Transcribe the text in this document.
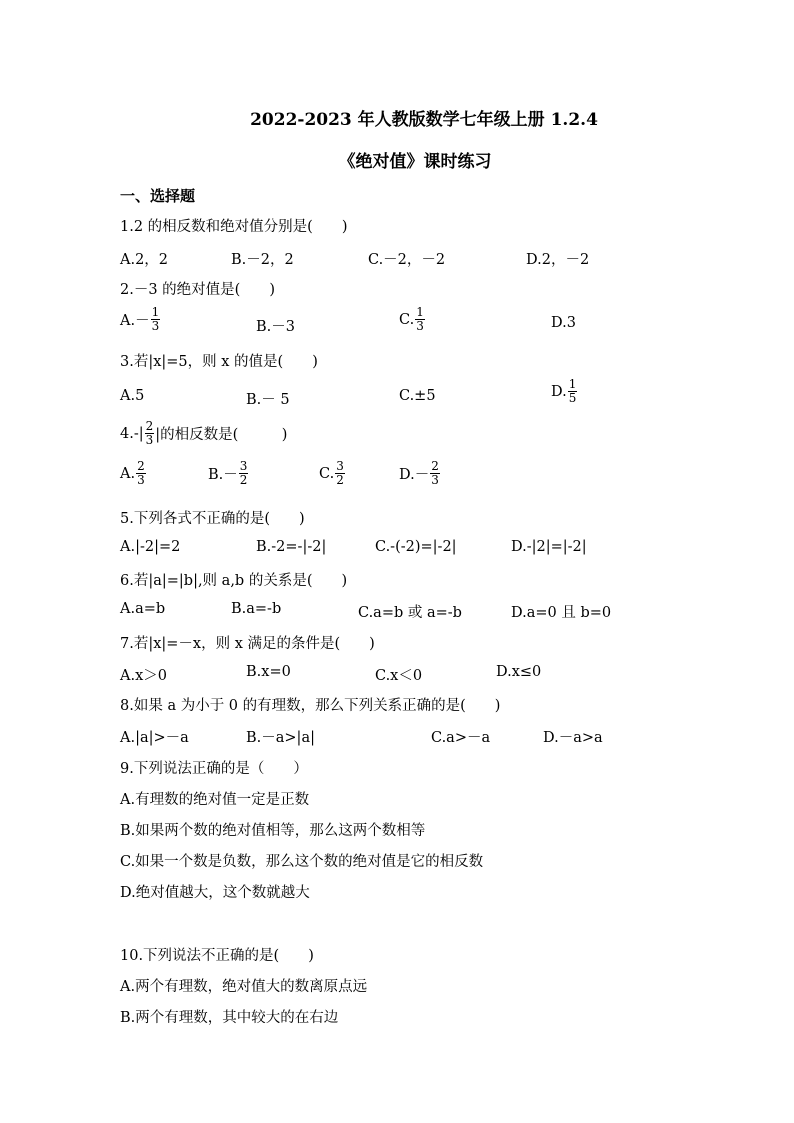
2022-2023 年人教版数学七年级上册 1.2.4
《绝对值》课时练习
一、选择题
1.2 的相反数和绝对值分别是(　　)
A.2，2	B.－2，2	C.－2，－2	D.2，－2
2.－3 的绝对值是(　　)
$A.- \frac{1}{3}$	B.－3	C. $\frac{1}{3}$	D.3
3.若|x|=5，则 x 的值是(　　)
A.5	B.－ 5	C.±5	D. $\frac{1}{5}$
$4.-| \frac{2}{3}$ |的相反数是(　　　)
A. $\frac{2}{3}$	$B.- \frac{3}{2}$	C. $\frac{3}{2}$	$D.- \frac{2}{3}$
5.下列各式不正确的是(　　)
A.|-2|=2	B.-2=-|-2|	C.-(-2)=|-2|	D.-|2|=|-2|
6.若|a|=|b|,则 a,b 的关系是(　　)
A.a=b	B.a=-b	C.a=b 或 a=-b	D.a=0 且 b=0
7.若|x|=－x，则 x 满足的条件是(　　)
A.x＞0	B.x=0	C.x＜0	D.x≤0
8.如果 a 为小于 0 的有理数，那么下列关系正确的是(　　)
A.|a|>－a	B.－a>|a|	C.a>－a	D.－a>a
9.下列说法正确的是（　　）
A.有理数的绝对值一定是正数
B.如果两个数的绝对值相等，那么这两个数相等
C.如果一个数是负数，那么这个数的绝对值是它的相反数
D.绝对值越大，这个数就越大
10.下列说法不正确的是(　　)
A.两个有理数，绝对值大的数离原点远
B.两个有理数，其中较大的在右边
